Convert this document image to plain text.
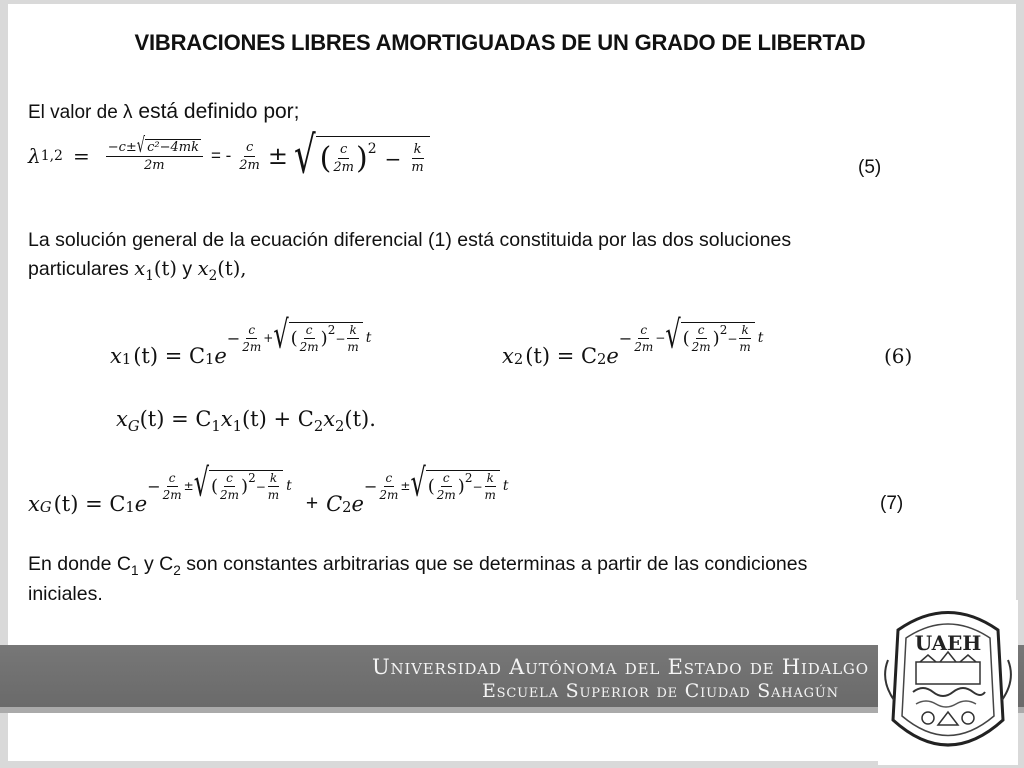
VIBRACIONES LIBRES AMORTIGUADAS DE UN GRADO DE LIBERTAD
El valor de λ está definido por;
λ $1,2 = \frac{\text{−c± √ c²−4mk}}{2m}$ = - $\frac{c}{2m}$ ± √ ( $\frac{c}{2m}$ ) $2 - \frac{k}{m}$	(5)
La solución general de la ecuación diferencial (1) está constituida por las dos soluciones
particulares $x_1(t)$ y $x_2(t)$,
x 1 (t) = C 1 e
− $\frac{c}{2m}$ + √ ( $\frac{c}{2m}$ ) 2
− $\frac{k}{m}$ t
x 2 (t) = C 2 e
− $\frac{c}{2m}$ − √ ( $\frac{c}{2m}$ ) 2
− $\frac{k}{m}$ t
(6)
$x_G(t) = C_1x_1(t) + C_2x_2(t)$.
x G (t) = C 1 e
− $\frac{c}{2m}$ ± √ ( $\frac{c}{2m}$ ) 2
− $\frac{k}{m}$ t
+ C 2 e
− $\frac{c}{2m}$ ± √ ( $\frac{c}{2m}$ ) 2
− $\frac{k}{m}$ t
(7)
En donde $C_1$ y $C_2$ son constantes arbitrarias que se determinas a partir de las condiciones
iniciales.
Universidad Autónoma del Estado de Hidalgo
Escuela Superior de Ciudad Sahagún
UAEH
